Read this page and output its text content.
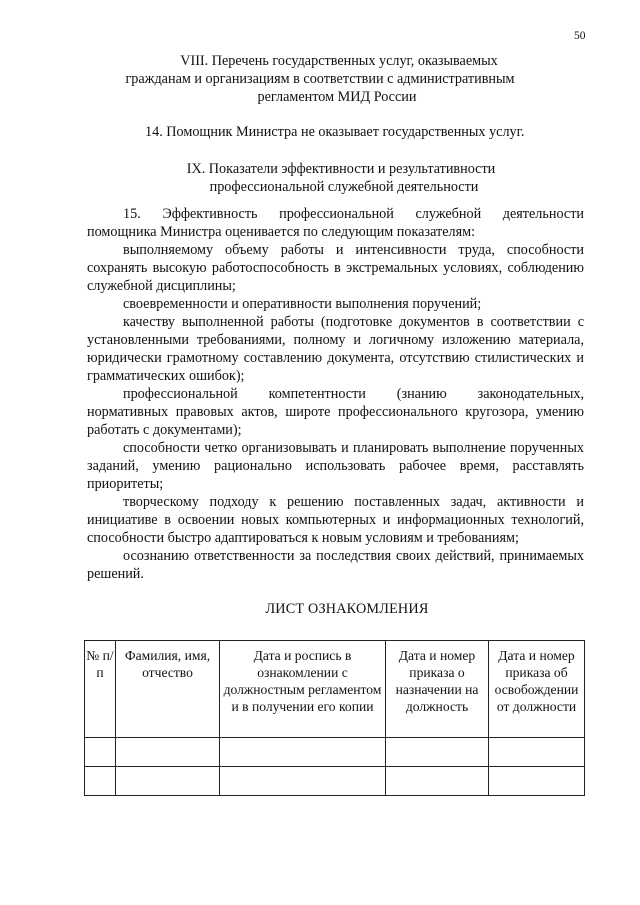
50
VIII. Перечень государственных услуг, оказываемых
гражданам и организациям в соответствии с административным
регламентом МИД России
14. Помощник Министра не оказывает государственных услуг.
IX. Показатели эффективности и результативности
профессиональной служебной деятельности

15. Эффективность профессиональной служебной деятельности помощника Министра оценивается по следующим показателям:

выполняемому объему работы и интенсивности труда, способности сохранять высокую работоспособность в экстремальных условиях, соблюдению служебной дисциплины;

своевременности и оперативности выполнения поручений;

качеству выполненной работы (подготовке документов в соответствии с установленными требованиями, полному и логичному изложению материала, юридически грамотному составлению документа, отсутствию стилистических и грамматических ошибок);

профессиональной компетентности (знанию законодательных, нормативных правовых актов, широте профессионального кругозора, умению работать с документами);

способности четко организовывать и планировать выполнение порученных заданий, умению рационально использовать рабочее время, расставлять приоритеты;

творческому подходу к решению поставленных задач, активности и инициативе в освоении новых компьютерных и информационных технологий, способности быстро адаптироваться к новым условиям и требованиям;

осознанию ответственности за последствия своих действий, принимаемых решений.

ЛИСТ ОЗНАКОМЛЕНИЯ
№ п/п	Фамилия, имя, отчество	Дата и роспись в ознакомлении с должностным регламентом и в получении его копии	Дата и номер приказа о назначении на должность	Дата и номер приказа об освобождении от должности
